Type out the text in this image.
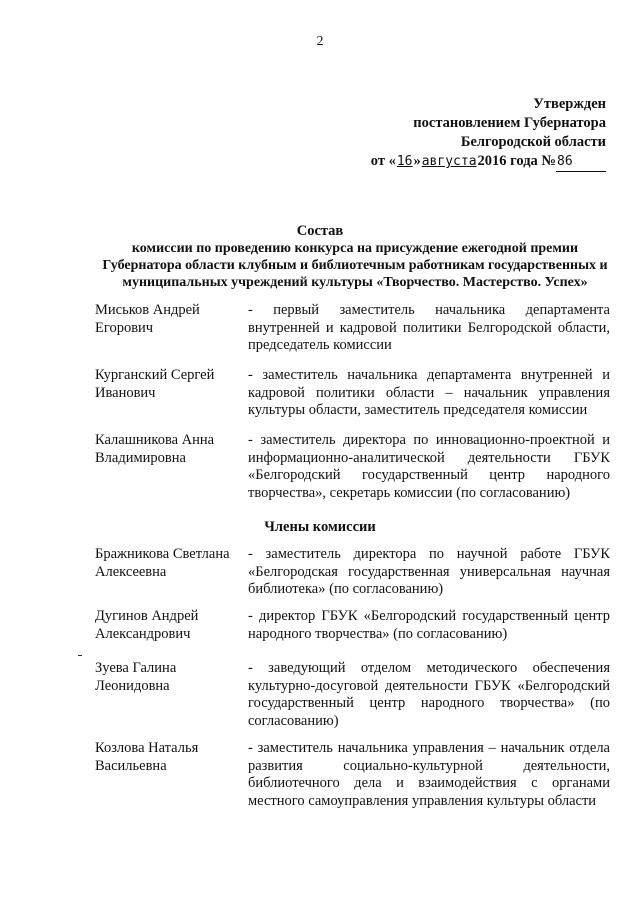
2
Утвержден
постановлением Губернатора
Белгородской области
от «16»августа2016 года №86
Состав
комиссии по проведению конкурса на присуждение ежегодной премии Губернатора области клубным и библиотечным работникам государственных и муниципальных учреждений культуры «Творчество. Мастерство. Успех»
Миськов Андрей Егорович
- первый заместитель начальника департамента внутренней и кадровой политики Белгородской области, председатель комиссии
Курганский Сергей Иванович
- заместитель начальника департамента внутренней и кадровой политики области – начальник управления культуры области, заместитель председателя комиссии
Калашникова Анна Владимировна
- заместитель директора по инновационно-проектной и информационно-аналитической деятельности ГБУК «Белгородский государственный центр народного творчества», секретарь комиссии (по согласованию)
Члены комиссии
Бражникова Светлана Алексеевна
- заместитель директора по научной работе ГБУК «Белгородская государственная универсальная научная библиотека» (по согласованию)
Дугинов Андрей Александрович
- директор ГБУК «Белгородский государственный центр народного творчества» (по согласованию)
Зуева Галина Леонидовна
- заведующий отделом методического обеспечения культурно-досуговой деятельности ГБУК «Белгородский государственный центр народного творчества» (по согласованию)
Козлова Наталья Васильевна
- заместитель начальника управления – начальник отдела развития социально-культурной деятельности, библиотечного дела и взаимодействия с органами местного самоуправления управления культуры области
